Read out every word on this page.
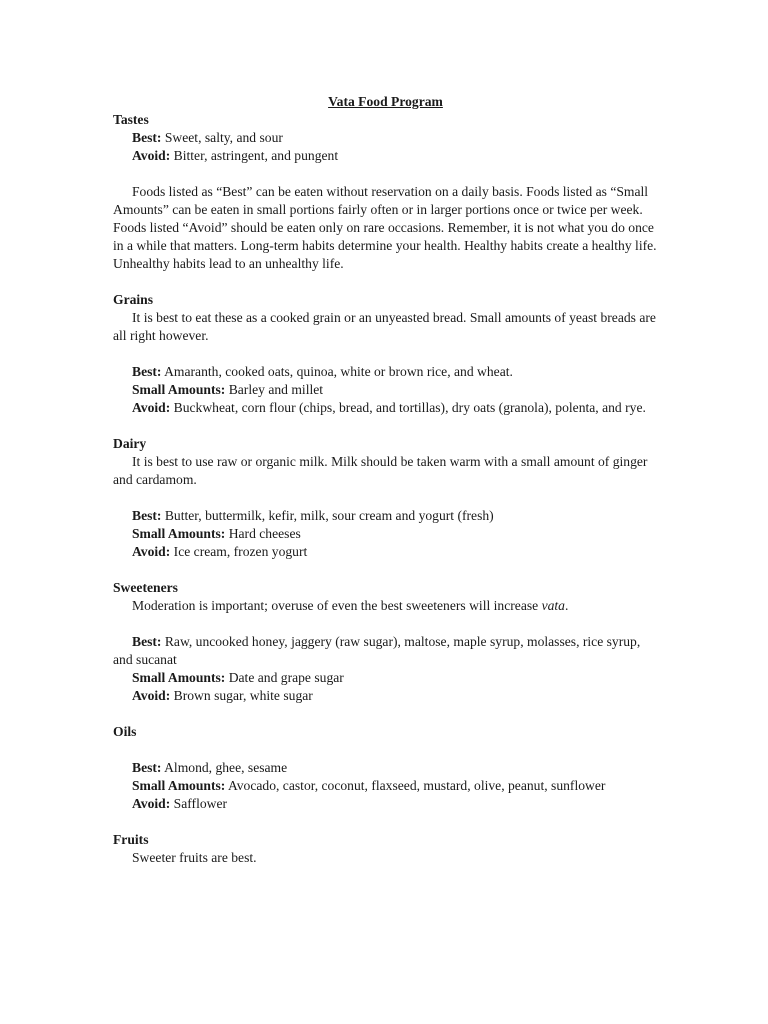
Vata Food Program

Tastes

Best: Sweet, salty, and sour

Avoid: Bitter, astringent, and pungent

Foods listed as “Best” can be eaten without reservation on a daily basis. Foods listed as “Small Amounts” can be eaten in small portions fairly often or in larger portions once or twice per week. Foods listed “Avoid” should be eaten only on rare occasions. Remember, it is not what you do once in a while that matters. Long-term habits determine your health. Healthy habits create a healthy life. Unhealthy habits lead to an unhealthy life.

Grains

It is best to eat these as a cooked grain or an unyeasted bread. Small amounts of yeast breads are all right however.

Best: Amaranth, cooked oats, quinoa, white or brown rice, and wheat.

Small Amounts: Barley and millet

Avoid: Buckwheat, corn flour (chips, bread, and tortillas), dry oats (granola), polenta, and rye.

Dairy

It is best to use raw or organic milk. Milk should be taken warm with a small amount of ginger and cardamom.

Best: Butter, buttermilk, kefir, milk, sour cream and yogurt (fresh)

Small Amounts: Hard cheeses

Avoid: Ice cream, frozen yogurt

Sweeteners

Moderation is important; overuse of even the best sweeteners will increase vata.

Best: Raw, uncooked honey, jaggery (raw sugar), maltose, maple syrup, molasses, rice syrup, and sucanat

Small Amounts: Date and grape sugar

Avoid: Brown sugar, white sugar

Oils

Best: Almond, ghee, sesame

Small Amounts: Avocado, castor, coconut, flaxseed, mustard, olive, peanut, sunflower

Avoid: Safflower

Fruits

Sweeter fruits are best.
